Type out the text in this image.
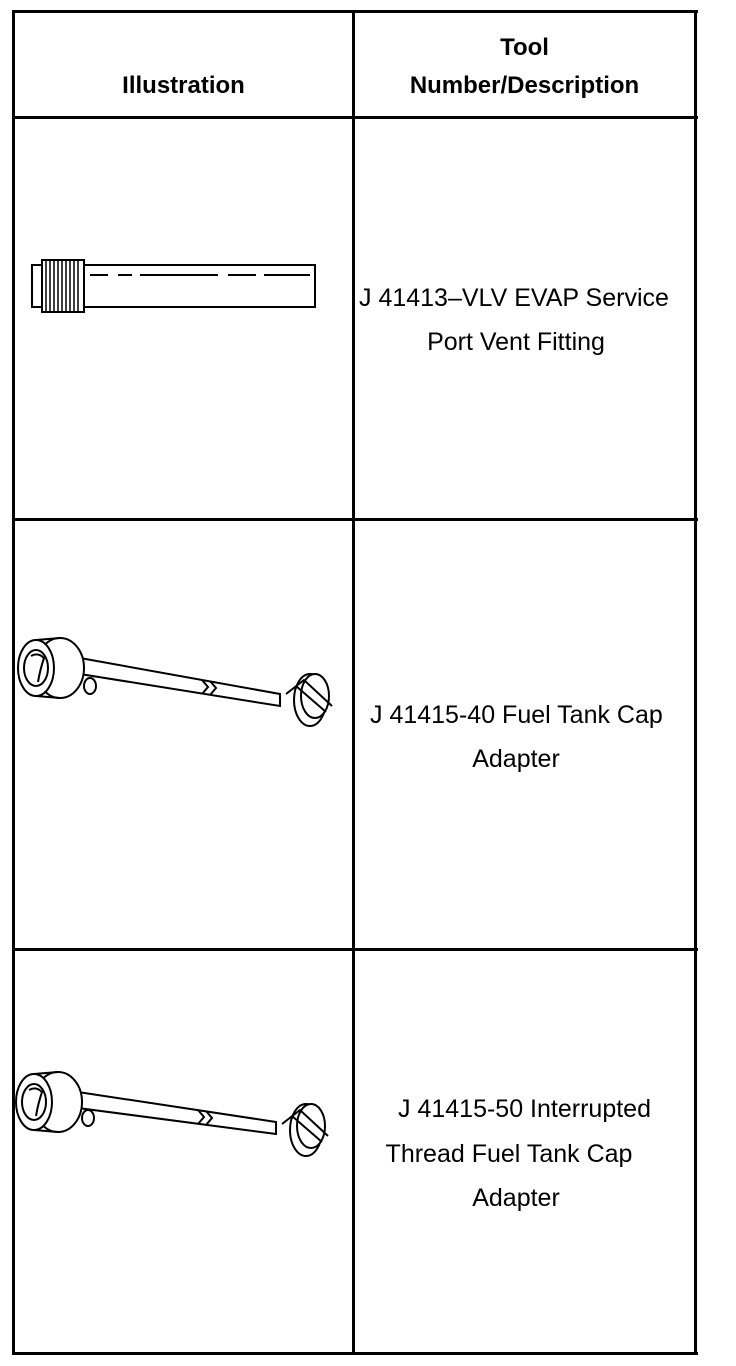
Illustration
Tool
Number/Description
J 41413–VLV EVAP Service
Port Vent Fitting
J 41415-40 Fuel Tank Cap
Adapter
J 41415-50 Interrupted
Thread Fuel Tank Cap
Adapter
